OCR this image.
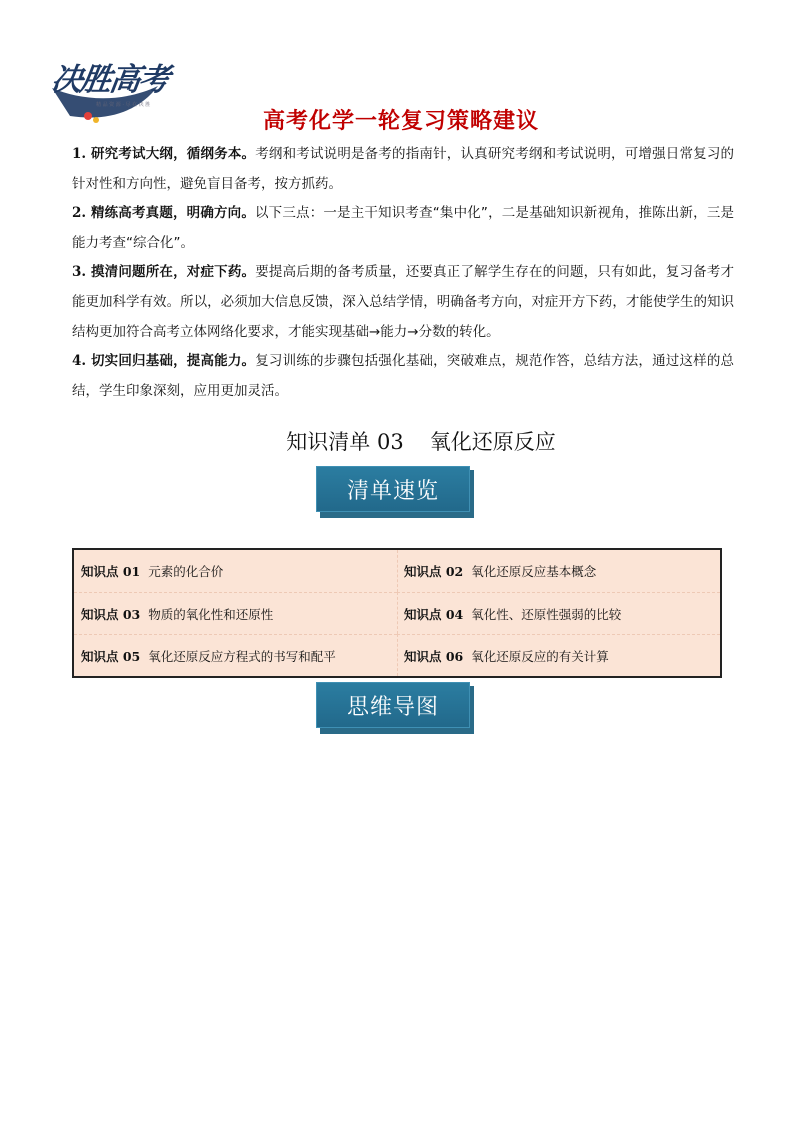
决胜高考
精 品 资 源 · 尽 在 决 胜
高考化学一轮复习策略建议

1. 研究考试大纲，循纲务本。考纲和考试说明是备考的指南针，认真研究考纲和考试说明，可增强日常复习的针对性和方向性，避免盲目备考，按方抓药。

2. 精练高考真题，明确方向。以下三点：一是主干知识考查“集中化”，二是基础知识新视角，推陈出新，三是能力考查“综合化”。

3. 摸清问题所在，对症下药。要提高后期的备考质量，还要真正了解学生存在的问题，只有如此，复习备考才能更加科学有效。所以，必须加大信息反馈，深入总结学情，明确备考方向，对症开方下药，才能使学生的知识结构更加符合高考立体网络化要求，才能实现基础→能力→分数的转化。

4. 切实回归基础，提高能力。复习训练的步骤包括强化基础，突破难点，规范作答，总结方法，通过这样的总结，学生印象深刻，应用更加灵活。

知识清单 03 氧化还原反应
清单速览
知识点 01 元素的化合价	知识点 02 氧化还原反应基本概念
知识点 03 物质的氧化性和还原性	知识点 04 氧化性、还原性强弱的比较
知识点 05 氧化还原反应方程式的书写和配平	知识点 06 氧化还原反应的有关计算
思维导图
